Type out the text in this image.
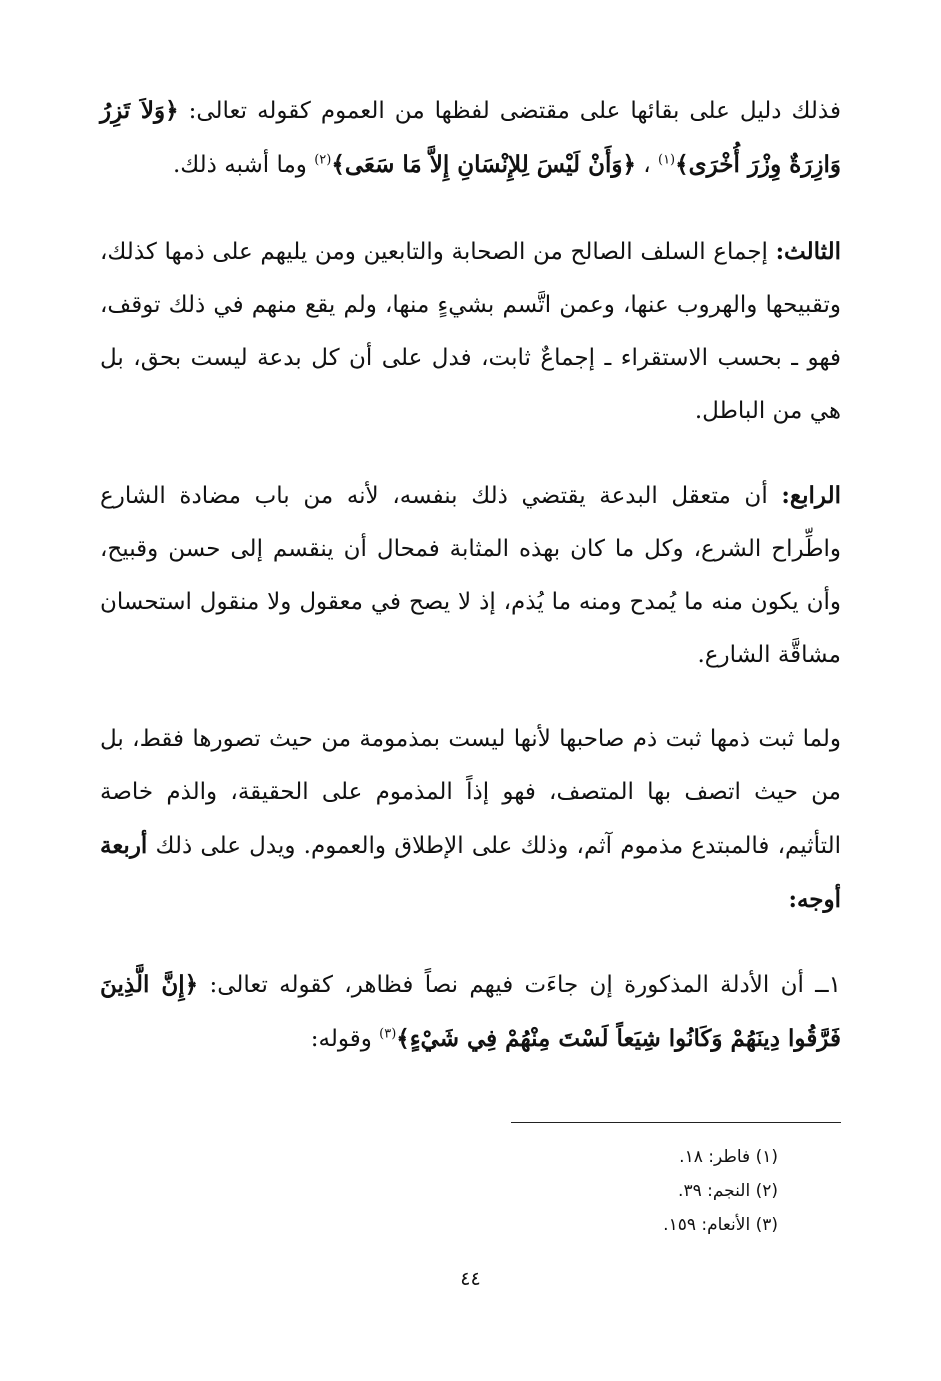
فذلك دليل على بقائها على مقتضى لفظها من العموم كقوله تعالى: ﴿وَلاَ تَزِرُ وَازِرَةٌ وِزْرَ أُخْرَى﴾$^{(١)}$ ، ﴿وَأَنْ لَيْسَ لِلإِنْسَانِ إِلاَّ مَا سَعَى﴾$^{(٢)}$ وما أشبه ذلك.

الثالث: إجماع السلف الصالح من الصحابة والتابعين ومن يليهم على ذمها كذلك، وتقبيحها والهروب عنها، وعمن اتَّسم بشيءٍ منها، ولم يقع منهم في ذلك توقف، فهو ـ بحسب الاستقراء ـ إجماعٌ ثابت، فدل على أن كل بدعة ليست بحق، بل هي من الباطل.

الرابع: أن متعقل البدعة يقتضي ذلك بنفسه، لأنه من باب مضادة الشارع واطِّراح الشرع، وكل ما كان بهذه المثابة فمحال أن ينقسم إلى حسن وقبيح، وأن يكون منه ما يُمدح ومنه ما يُذم، إذ لا يصح في معقول ولا منقول استحسان مشاقَّة الشارع.

ولما ثبت ذمها ثبت ذم صاحبها لأنها ليست بمذمومة من حيث تصورها فقط، بل من حيث اتصف بها المتصف، فهو إذاً المذموم على الحقيقة، والذم خاصة التأثيم، فالمبتدع مذموم آثم، وذلك على الإطلاق والعموم. ويدل على ذلك أربعة أوجه:

١ــ أن الأدلة المذكورة إن جاءَت فيهم نصاً فظاهر، كقوله تعالى: ﴿إِنَّ الَّذِينَ فَرَّقُوا دِينَهُمْ وَكَانُوا شِيَعاً لَسْتَ مِنْهُمْ فِي شَيْءٍ﴾$^{(٣)}$ وقوله:

(١) فاطر: ١٨.
(٢) النجم: ٣٩.
(٣) الأنعام: ١٥٩.
٤٤
